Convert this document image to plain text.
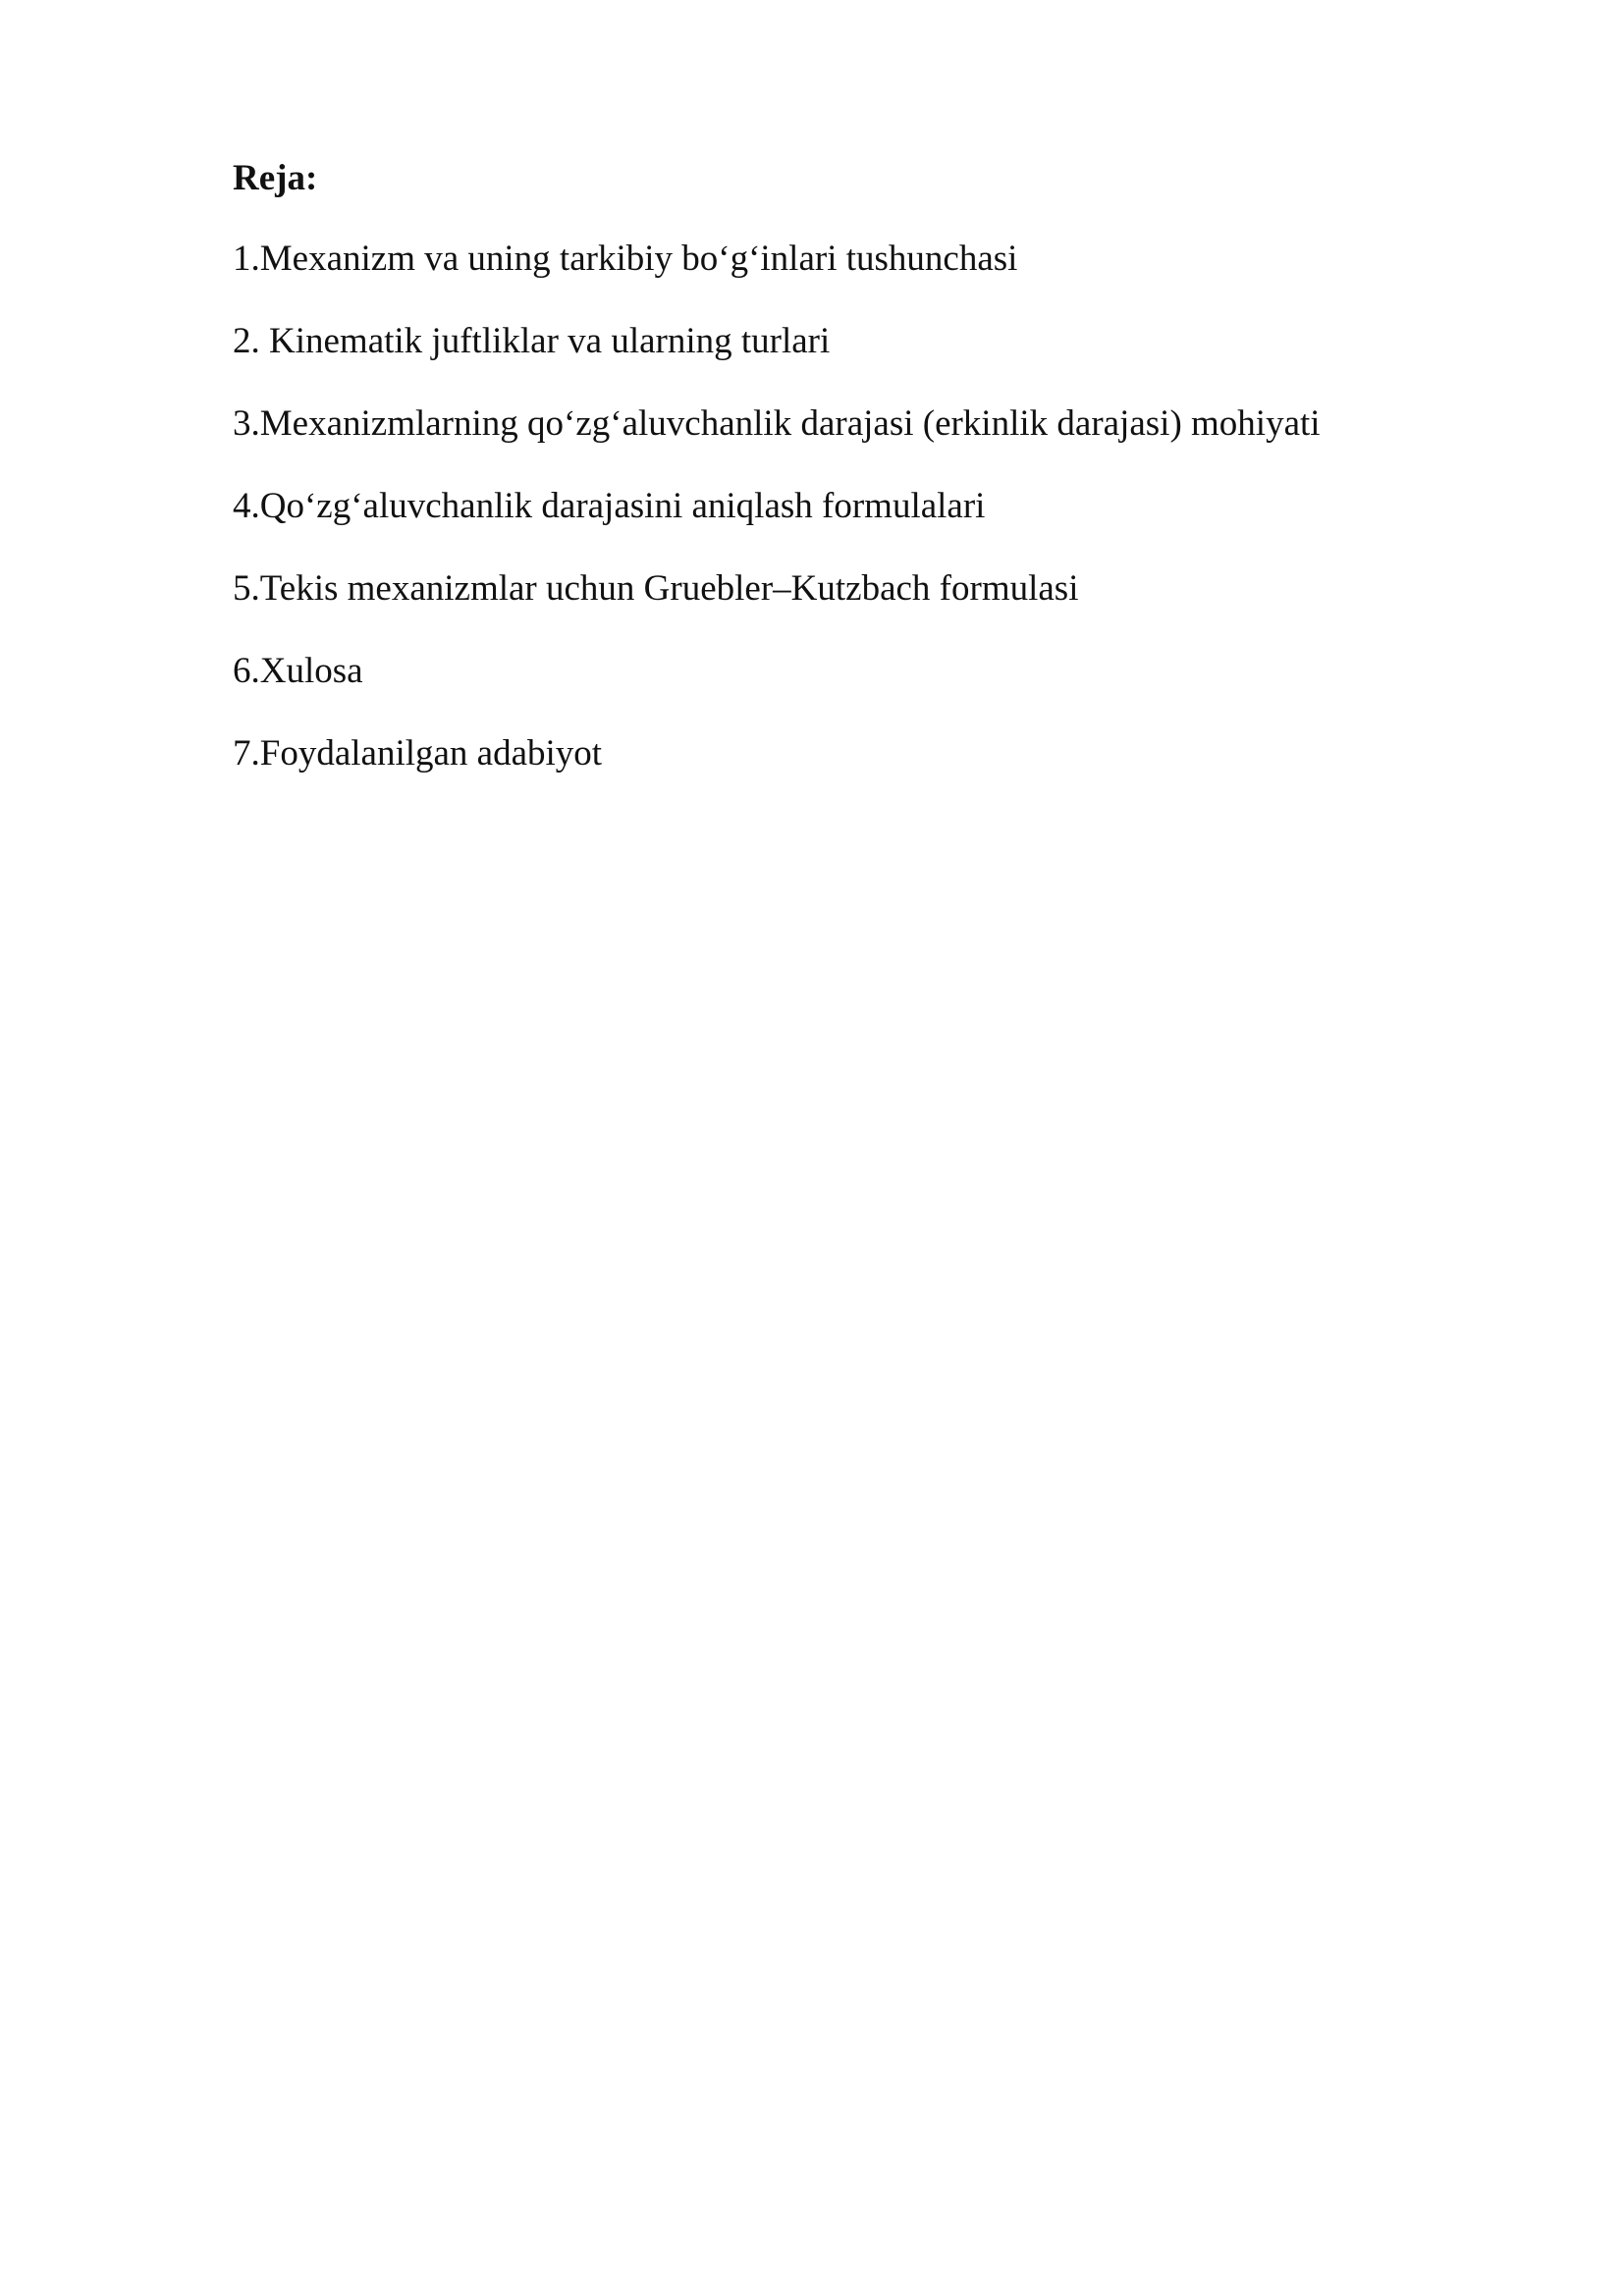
Reja:
1.Mexanizm va uning tarkibiy bo‘g‘inlari tushunchasi
2. Kinematik juftliklar va ularning turlari
3.Mexanizmlarning qo‘zg‘aluvchanlik darajasi (erkinlik darajasi) mohiyati
4.Qo‘zg‘aluvchanlik darajasini aniqlash formulalari
5.Tekis mexanizmlar uchun Gruebler–Kutzbach formulasi
6.Xulosa
7.Foydalanilgan adabiyot
